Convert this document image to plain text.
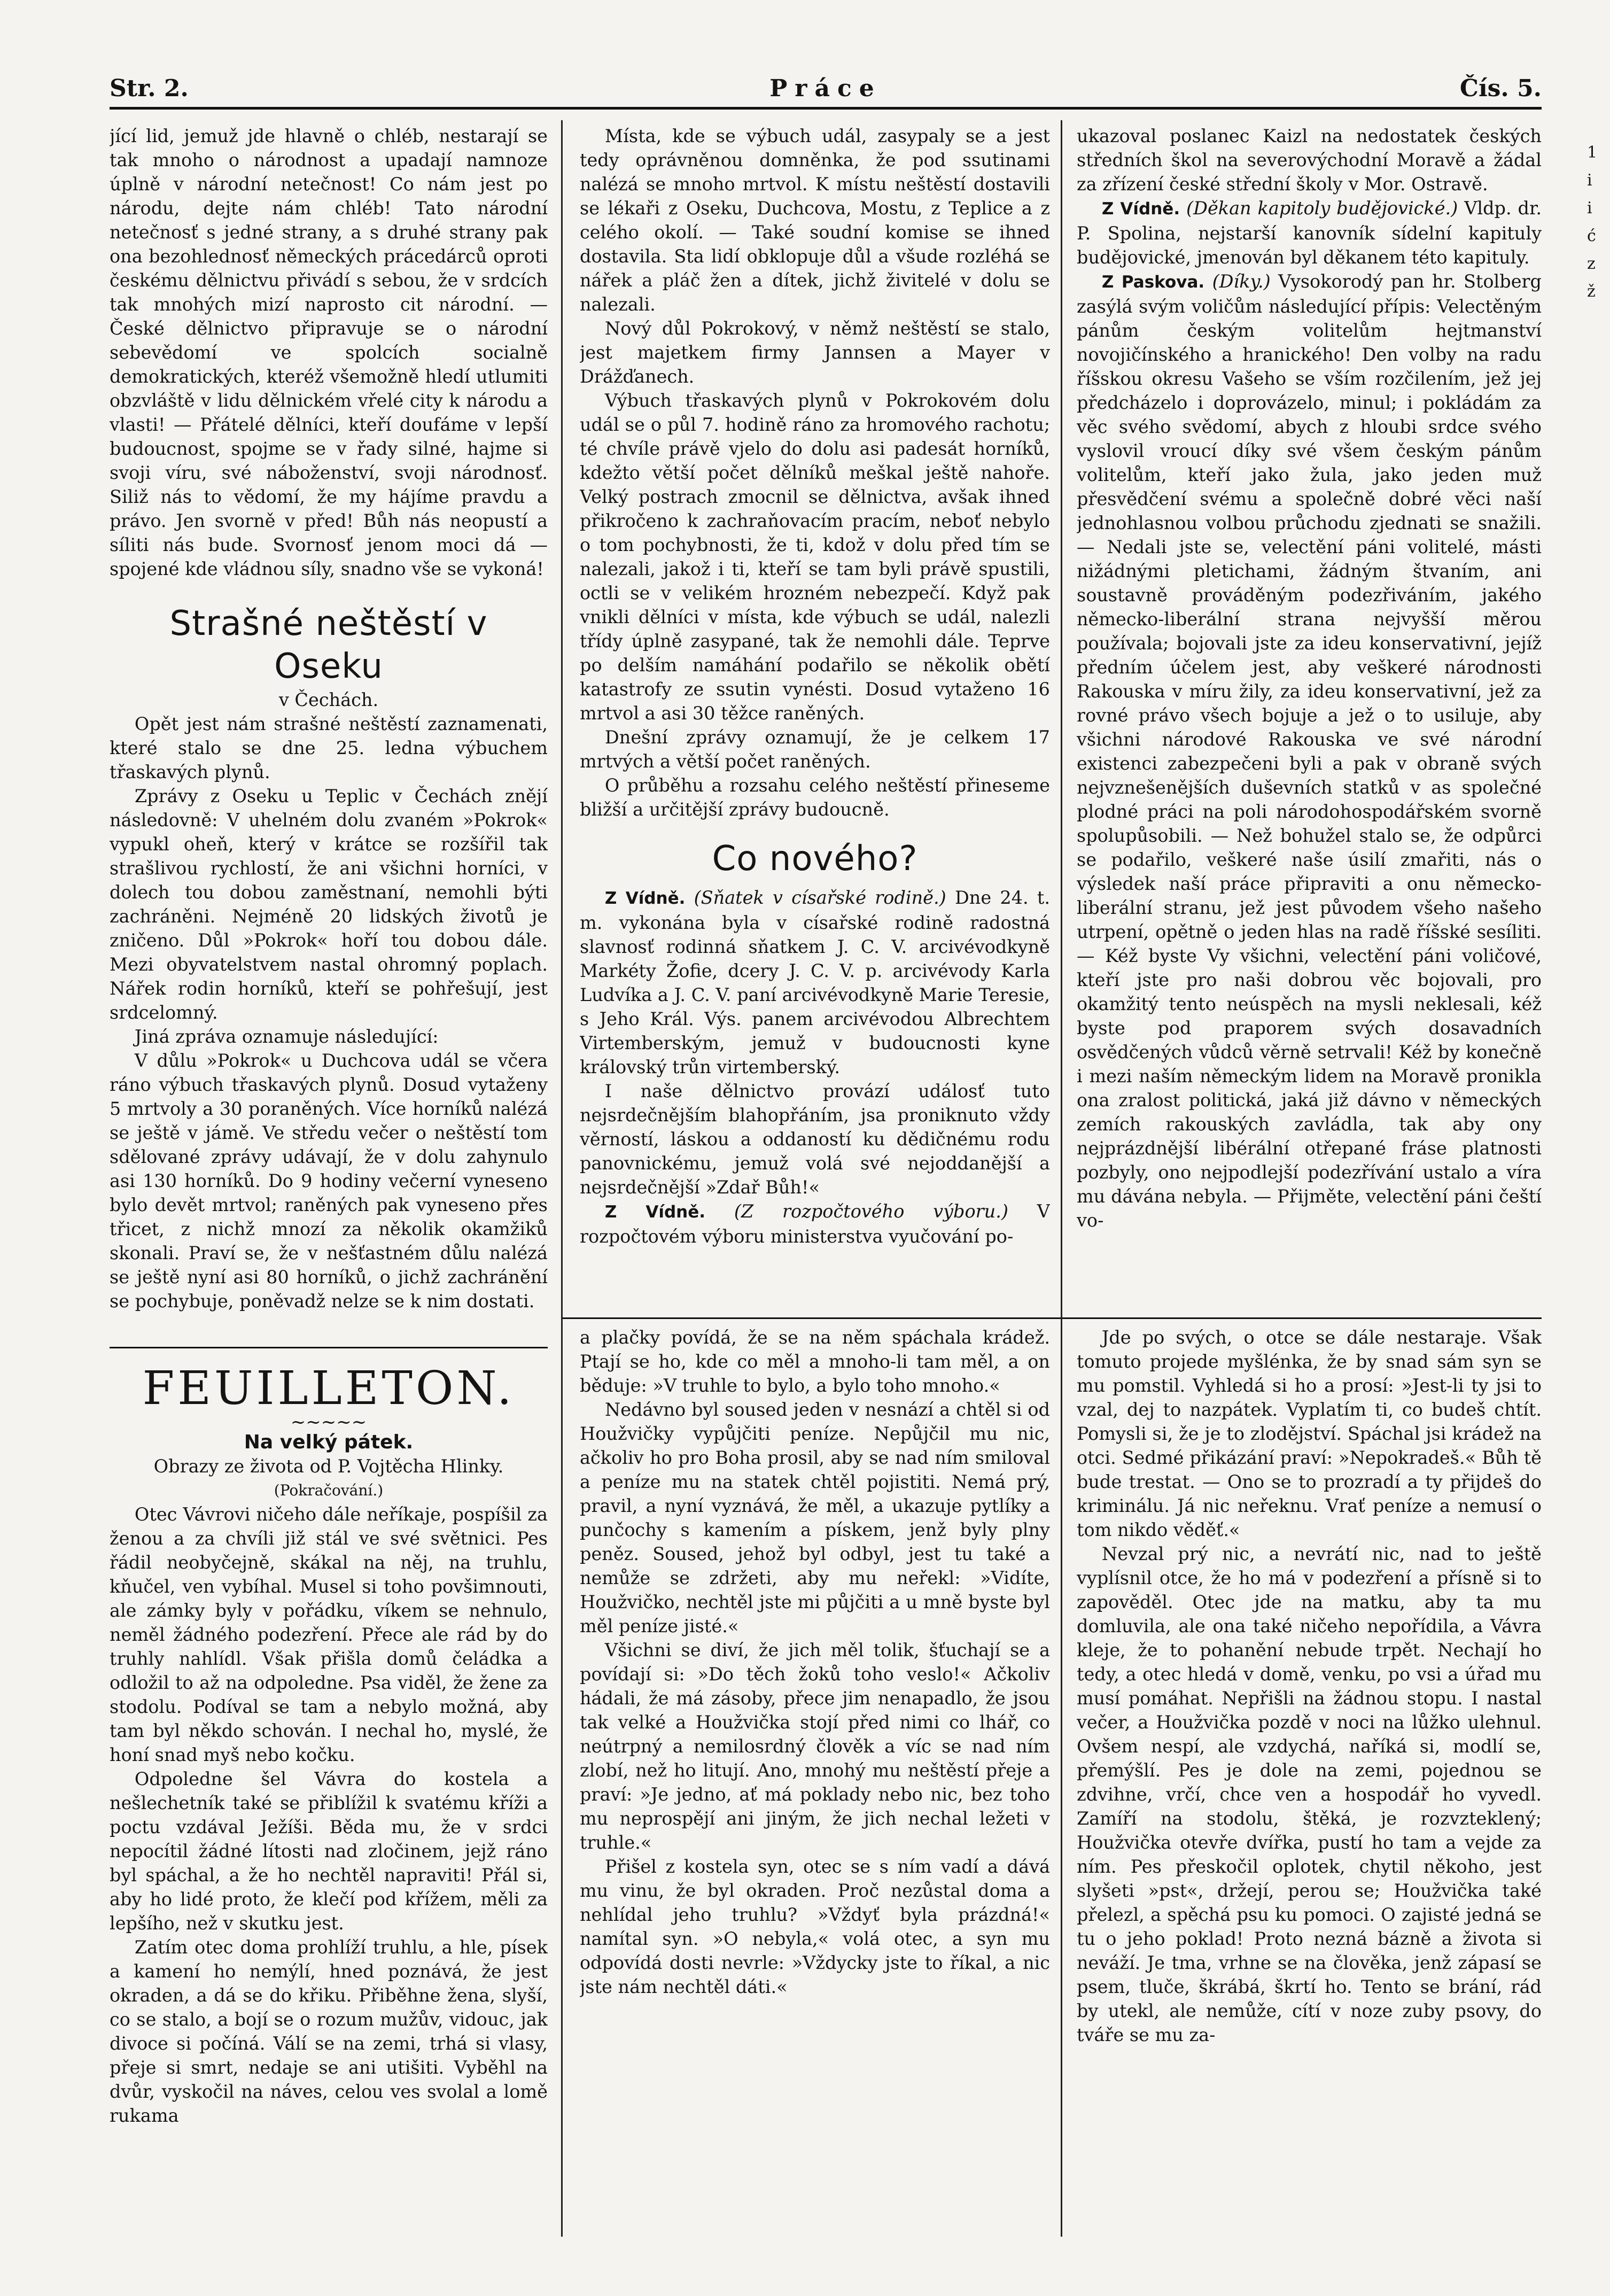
Str. 2.	Práce	Čís. 5.

jící lid, jemuž jde hlavně o chléb, nestarají se tak mnoho o národnost a upadají namnoze úplně v národní netečnost! Co nám jest po národu, dejte nám chléb! Tato národní netečnosť s jedné strany, a s druhé strany pak ona bezohlednosť německých prácedárců oproti českému dělnictvu přivádí s sebou, že v srdcích tak mnohých mizí naprosto cit národní. — České dělnictvo připravuje se o národní sebevědomí ve spolcích socialně demokratických, kteréž všemožně hledí utlumiti obzvláště v lidu dělnickém vřelé city k národu a vlasti! — Přátelé dělníci, kteří doufáme v lepší budoucnost, spojme se v řady silné, hajme si svoji víru, své náboženství, svoji národnosť. Siliž nás to vědomí, že my hájíme pravdu a právo. Jen svorně v před! Bůh nás neopustí a síliti nás bude. Svornosť jenom moci dá — spojené kde vládnou síly, snadno vše se vykoná!

Strašné neštěstí v Oseku

v Čechách.

Opět jest nám strašné neštěstí zaznamenati, které stalo se dne 25. ledna výbuchem třaskavých plynů.

Zprávy z Oseku u Teplic v Čechách znějí následovně: V uhelném dolu zvaném »Pokrok« vypukl oheň, který v krátce se rozšířil tak strašlivou rychlostí, že ani všichni horníci, v dolech tou dobou zaměstnaní, nemohli býti zachráněni. Nejméně 20 lidských životů je zničeno. Důl »Pokrok« hoří tou dobou dále. Mezi obyvatelstvem nastal ohromný poplach. Nářek rodin horníků, kteří se pohřešují, jest srdcelomný.

Jiná zpráva oznamuje následující:

V důlu »Pokrok« u Duchcova udál se včera ráno výbuch třaskavých plynů. Dosud vytaženy 5 mrtvoly a 30 poraněných. Více horníků nalézá se ještě v jámě. Ve středu večer o neštěstí tom sdělované zprávy udávají, že v dolu zahynulo asi 130 horníků. Do 9 hodiny večerní vyneseno bylo devět mrtvol; raněných pak vyneseno přes třicet, z nichž mnozí za několik okamžiků skonali. Praví se, že v nešťastném důlu nalézá se ještě nyní asi 80 horníků, o jichž zachránění se pochybuje, poněvadž nelze se k nim dostati.

Místa, kde se výbuch udál, zasypaly se a jest tedy oprávněnou domněnka, že pod ssutinami nalézá se mnoho mrtvol. K místu neštěstí dostavili se lékaři z Oseku, Duchcova, Mostu, z Teplice a z celého okolí. — Také soudní komise se ihned dostavila. Sta lidí obklopuje důl a všude rozléhá se nářek a pláč žen a dítek, jichž živitelé v dolu se nalezali.

Nový důl Pokrokový, v němž neštěstí se stalo, jest majetkem firmy Jannsen a Mayer v Drážďanech.

Výbuch třaskavých plynů v Pokrokovém dolu udál se o půl 7. hodině ráno za hromového rachotu; té chvíle právě vjelo do dolu asi padesát horníků, kdežto větší počet dělníků meškal ještě nahoře. Velký postrach zmocnil se dělnictva, avšak ihned přikročeno k zachraňovacím pracím, neboť nebylo o tom pochybnosti, že ti, kdož v dolu před tím se nalezali, jakož i ti, kteří se tam byli právě spustili, octli se v velikém hrozném nebezpečí. Když pak vnikli dělníci v místa, kde výbuch se udál, nalezli třídy úplně zasypané, tak že nemohli dále. Teprve po delším namáhání podařilo se několik obětí katastrofy ze ssutin vynésti. Dosud vytaženo 16 mrtvol a asi 30 těžce raněných.

Dnešní zprávy oznamují, že je celkem 17 mrtvých a větší počet raněných.

O průběhu a rozsahu celého neštěstí přineseme bližší a určitější zprávy budoucně.

Co nového?

Z Vídně. (Sňatek v císařské rodině.) Dne 24. t. m. vykonána byla v císařské rodině radostná slavnosť rodinná sňatkem J. C. V. arcivévodkyně Markéty Žofie, dcery J. C. V. p. arcivévody Karla Ludvíka a J. C. V. paní arcivévodkyně Marie Teresie, s Jeho Král. Výs. panem arcivévodou Albrechtem Virtemberským, jemuž v budoucnosti kyne královský trůn virtemberský.

I naše dělnictvo provází událosť tuto nejsrdečnějším blahopřáním, jsa proniknuto vždy věrností, láskou a oddaností ku dědičnému rodu panovnickému, jemuž volá své nejoddanější a nejsrdečnější »Zdař Bůh!«

Z Vídně. (Z rozpočtového výboru.) V rozpočtovém výboru ministerstva vyučování po-

ukazoval poslanec Kaizl na nedostatek českých středních škol na severovýchodní Moravě a žádal za zřízení české střední školy v Mor. Ostravě.

Z Vídně. (Děkan kapitoly budějovické.) Vldp. dr. P. Spolina, nejstarší kanovník sídelní kapituly budějovické, jmenován byl děkanem této kapituly.

Z Paskova. (Díky.) Vysokorodý pan hr. Stolberg zasýlá svým voličům následující přípis: Velectěným pánům českým volitelům hejtmanství novojičínského a hranického! Den volby na radu říšskou okresu Vašeho se vším rozčilením, jež jej předcházelo i doprovázelo, minul; i pokládám za věc svého svědomí, abych z hloubi srdce svého vyslovil vroucí díky své všem českým pánům volitelům, kteří jako žula, jako jeden muž přesvědčení svému a společně dobré věci naší jednohlasnou volbou průchodu zjednati se snažili. — Nedali jste se, velectění páni volitelé, másti nižádnými pletichami, žádným štvaním, ani soustavně prováděným podezřiváním, jakého německo-liberální strana nejvyšší měrou používala; bojovali jste za ideu konservativní, jejíž předním účelem jest, aby veškeré národnosti Rakouska v míru žily, za ideu konservativní, jež za rovné právo všech bojuje a jež o to usiluje, aby všichni národové Rakouska ve své národní existenci zabezpečeni byli a pak v obraně svých nejvznešenějších duševních statků v as společné plodné práci na poli národohospodářském svorně spolupůsobili. — Než bohužel stalo se, že odpůrci se podařilo, veškeré naše úsilí zmařiti, nás o výsledek naší práce připraviti a onu německo-liberální stranu, jež jest původem všeho našeho utrpení, opětně o jeden hlas na radě říšské sesíliti. — Kéž byste Vy všichni, velectění páni voličové, kteří jste pro naši dobrou věc bojovali, pro okamžitý tento neúspěch na mysli neklesali, kéž byste pod praporem svých dosavadních osvědčených vůdců věrně setrvali! Kéž by konečně i mezi naším německým lidem na Moravě pronikla ona zralost politická, jaká již dávno v německých zemích rakouských zavládla, tak aby ony nejprázdnější libérální otřepané fráse platnosti pozbyly, ono nejpodlejší podezřívání ustalo a víra mu dávána nebyla. — Přijměte, velectění páni čeští vo-

FEUILLETON.

~~~~~

Na velký pátek.

Obrazy ze života od P. Vojtěcha Hlinky.

(Pokračování.)

Otec Vávrovi ničeho dále neříkaje, pospíšil za ženou a za chvíli již stál ve své světnici. Pes řádil neobyčejně, skákal na něj, na truhlu, kňučel, ven vybíhal. Musel si toho povšimnouti, ale zámky byly v pořádku, víkem se nehnulo, neměl žádného podezření. Přece ale rád by do truhly nahlídl. Však přišla domů čeládka a odložil to až na odpoledne. Psa viděl, že žene za stodolu. Podíval se tam a nebylo možná, aby tam byl někdo schován. I nechal ho, myslé, že honí snad myš nebo kočku.

Odpoledne šel Vávra do kostela a nešlechetník také se přiblížil k svatému kříži a poctu vzdával Ježíši. Běda mu, že v srdci nepocítil žádné lítosti nad zločinem, jejž ráno byl spáchal, a že ho nechtěl napraviti! Přál si, aby ho lidé proto, že klečí pod křížem, měli za lepšího, než v skutku jest.

Zatím otec doma prohlíží truhlu, a hle, písek a kamení ho nemýlí, hned poznává, že jest okraden, a dá se do křiku. Přiběhne žena, slyší, co se stalo, a bojí se o rozum mužův, vidouc, jak divoce si počíná. Válí se na zemi, trhá si vlasy, přeje si smrt, nedaje se ani utišiti. Vyběhl na dvůr, vyskočil na náves, celou ves svolal a lomě rukama

a plačky povídá, že se na něm spáchala krádež. Ptají se ho, kde co měl a mnoho-li tam měl, a on běduje: »V truhle to bylo, a bylo toho mnoho.«

Nedávno byl soused jeden v nesnází a chtěl si od Houžvičky vypůjčiti peníze. Nepůjčil mu nic, ačkoliv ho pro Boha prosil, aby se nad ním smiloval a peníze mu na statek chtěl pojistiti. Nemá prý, pravil, a nyní vyznává, že měl, a ukazuje pytlíky a punčochy s kamením a pískem, jenž byly plny peněz. Soused, jehož byl odbyl, jest tu také a nemůže se zdržeti, aby mu neřekl: »Vidíte, Houžvičko, nechtěl jste mi půjčiti a u mně byste byl měl peníze jisté.«

Všichni se diví, že jich měl tolik, šťuchají se a povídají si: »Do těch žoků toho veslo!« Ačkoliv hádali, že má zásoby, přece jim nenapadlo, že jsou tak velké a Houžvička stojí před nimi co lhář, co neútrpný a nemilosrdný člověk a víc se nad ním zlobí, než ho litují. Ano, mnohý mu neštěstí přeje a praví: »Je jedno, ať má poklady nebo nic, bez toho mu neprospějí ani jiným, že jich nechal ležeti v truhle.«

Přišel z kostela syn, otec se s ním vadí a dává mu vinu, že byl okraden. Proč nezůstal doma a nehlídal jeho truhlu? »Vždyť byla prázdná!« namítal syn. »O nebyla,« volá otec, a syn mu odpovídá dosti nevrle: »Vždycky jste to říkal, a nic jste nám nechtěl dáti.«

Jde po svých, o otce se dále nestaraje. Však tomuto projede myšlénka, že by snad sám syn se mu pomstil. Vyhledá si ho a prosí: »Jest-li ty jsi to vzal, dej to nazpátek. Vyplatím ti, co budeš chtít. Pomysli si, že je to zlodějství. Spáchal jsi krádež na otci. Sedmé přikázání praví: »Nepokradeš.« Bůh tě bude trestat. — Ono se to prozradí a ty přijdeš do kriminálu. Já nic neřeknu. Vrať peníze a nemusí o tom nikdo věděť.«

Nevzal prý nic, a nevrátí nic, nad to ještě vyplísnil otce, že ho má v podezření a přísně si to zapověděl. Otec jde na matku, aby ta mu domluvila, ale ona také ničeho nepořídila, a Vávra kleje, že to pohanění nebude trpět. Nechají ho tedy, a otec hledá v domě, venku, po vsi a úřad mu musí pomáhat. Nepřišli na žádnou stopu. I nastal večer, a Houžvička pozdě v noci na lůžko ulehnul. Ovšem nespí, ale vzdychá, naříká si, modlí se, přemýšlí. Pes je dole na zemi, pojednou se zdvihne, vrčí, chce ven a hospodář ho vyvedl. Zamíří na stodolu, štěká, je rozvzteklený; Houžvička otevře dvířka, pustí ho tam a vejde za ním. Pes přeskočil oplotek, chytil někoho, jest slyšeti »pst«, držejí, perou se; Houžvička také přelezl, a spěchá psu ku pomoci. O zajisté jedná se tu o jeho poklad! Proto nezná bázně a života si neváží. Je tma, vrhne se na člověka, jenž zápasí se psem, tluče, škrábá, škrtí ho. Tento se brání, rád by utekl, ale nemůže, cítí v noze zuby psovy, do tváře se mu za-

1
i
i
ć
z
ž
